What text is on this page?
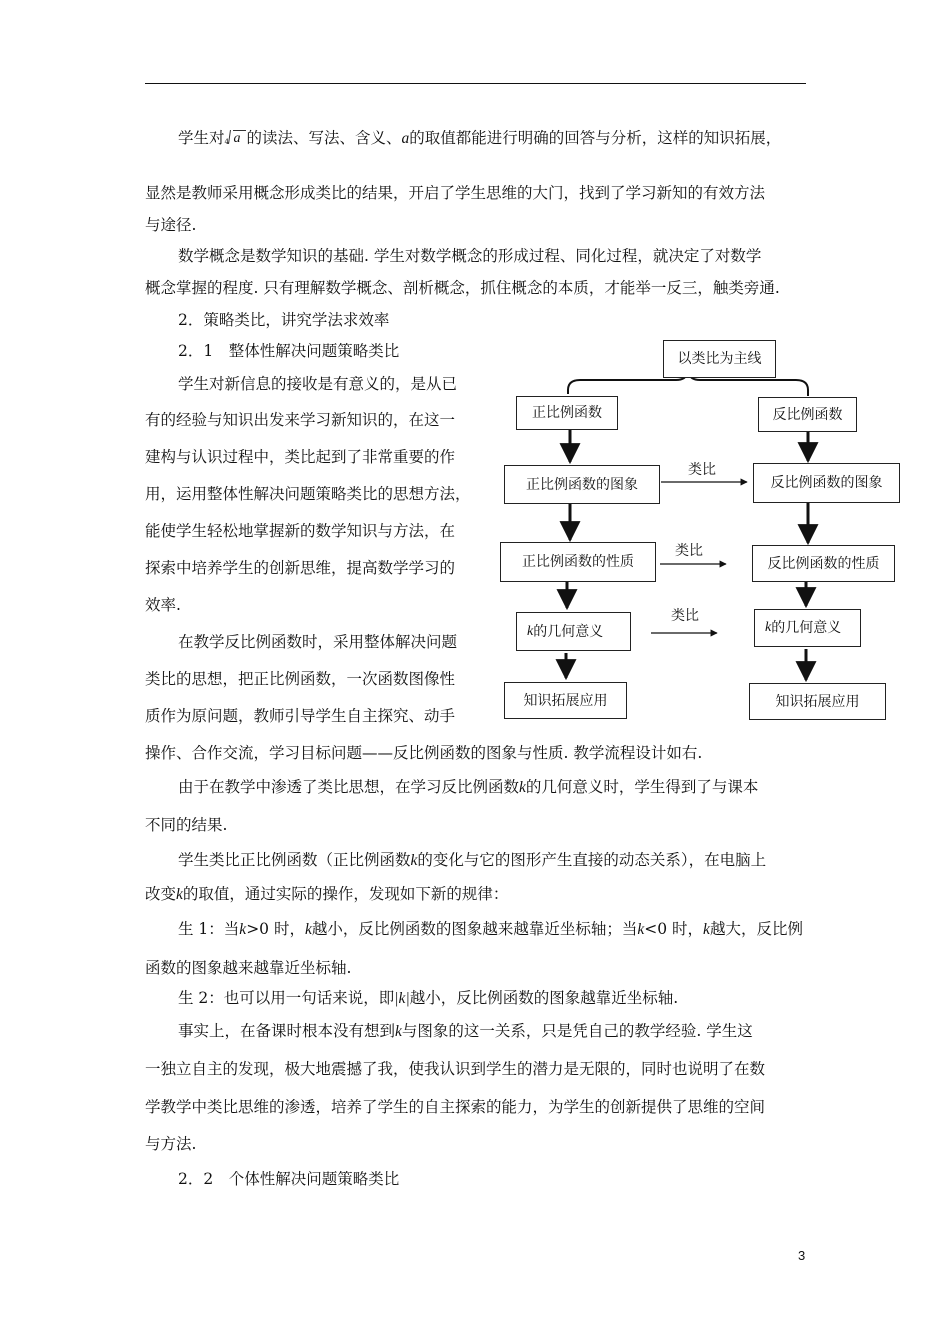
学生对 4 a 的读法、写法、含义、a的取值都能进行明确的回答与分析，这样的知识拓展，
显然是教师采用概念形成类比的结果，开启了学生思维的大门，找到了学习新知的有效方法
与途径.
数学概念是数学知识的基础. 学生对数学概念的形成过程、同化过程，就决定了对数学
概念掌握的程度. 只有理解数学概念、剖析概念，抓住概念的本质，才能举一反三，触类旁通.
2．策略类比，讲究学法求效率
2．1　整体性解决问题策略类比
学生对新信息的接收是有意义的，是从已
有的经验与知识出发来学习新知识的，在这一
建构与认识过程中，类比起到了非常重要的作
用，运用整体性解决问题策略类比的思想方法，
能使学生轻松地掌握新的数学知识与方法，在
探索中培养学生的创新思维，提高数学学习的
效率.
在教学反比例函数时，采用整体解决问题
类比的思想，把正比例函数，一次函数图像性
质作为原问题，教师引导学生自主探究、动手
操作、合作交流，学习目标问题——反比例函数的图象与性质. 教学流程设计如右.
由于在教学中渗透了类比思想，在学习反比例函数k的几何意义时，学生得到了与课本
不同的结果.
学生类比正比例函数（正比例函数k的变化与它的图形产生直接的动态关系），在电脑上
改变k的取值，通过实际的操作，发现如下新的规律：
生 1：当k>0 时，k越小，反比例函数的图象越来越靠近坐标轴；当k<0 时，k越大，反比例
函数的图象越来越靠近坐标轴.
生 2：也可以用一句话来说，即|k|越小，反比例函数的图象越靠近坐标轴.
事实上，在备课时根本没有想到k与图象的这一关系，只是凭自己的教学经验. 学生这
一独立自主的发现，极大地震撼了我，使我认识到学生的潜力是无限的，同时也说明了在数
学教学中类比思维的渗透，培养了学生的自主探索的能力，为学生的创新提供了思维的空间
与方法.
2．2　个体性解决问题策略类比
以类比为主线
正比例函数	反比例函数
正比例函数的图象	反比例函数的图象
正比例函数的性质	反比例函数的性质
k 的几何意义	k 的几何意义
知识拓展应用	知识拓展应用
类比
类比
类比
3
